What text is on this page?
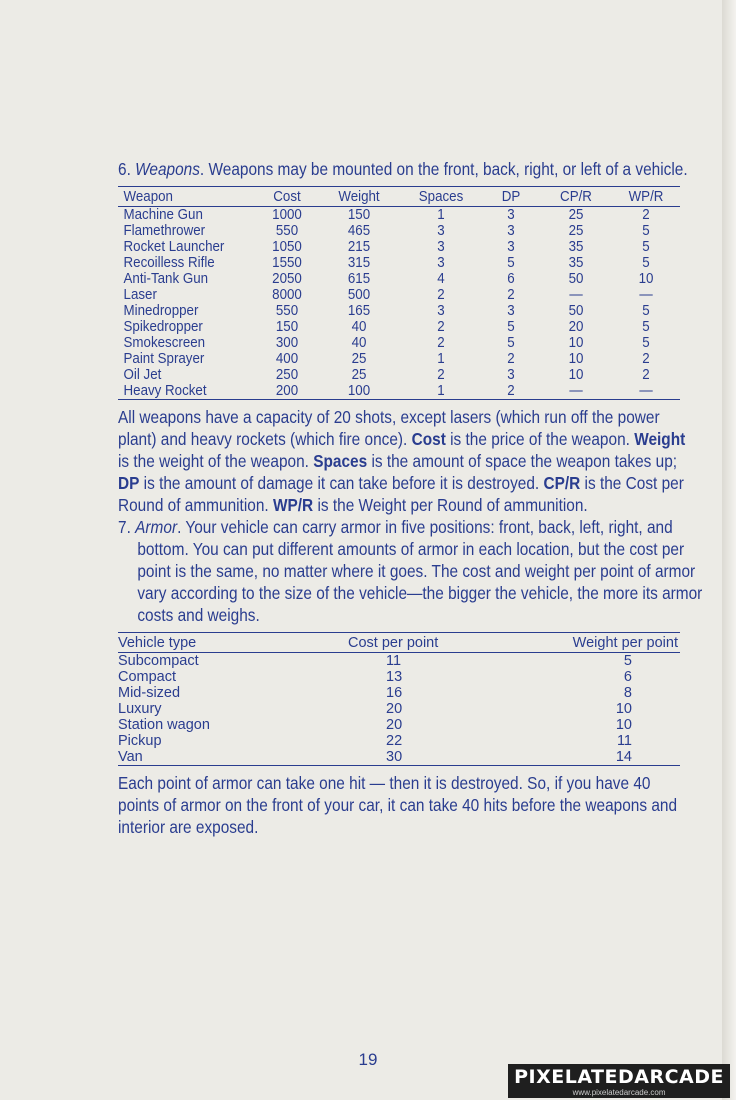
6. Weapons. Weapons may be mounted on the front, back, right, or left of a vehicle.

Weapon	Cost	Weight	Spaces	DP	CP/R	WP/R
Machine Gun	1000	150	1	3	25	2
Flamethrower	550	465	3	3	25	5
Rocket Launcher	1050	215	3	3	35	5
Recoilless Rifle	1550	315	3	5	35	5
Anti-Tank Gun	2050	615	4	6	50	10
Laser	8000	500	2	2	—	—
Minedropper	550	165	3	3	50	5
Spikedropper	150	40	2	5	20	5
Smokescreen	300	40	2	5	10	5
Paint Sprayer	400	25	1	2	10	2
Oil Jet	250	25	2	3	10	2
Heavy Rocket	200	100	1	2	—	—

All weapons have a capacity of 20 shots, except lasers (which run off the power plant) and heavy rockets (which fire once). Cost is the price of the weapon. Weight is the weight of the weapon. Spaces is the amount of space the weapon takes up; DP is the amount of damage it can take before it is destroyed. CP/R is the Cost per Round of ammunition. WP/R is the Weight per Round of ammunition.

7. Armor. Your vehicle can carry armor in five positions: front, back, left, right, and bottom. You can put different amounts of armor in each location, but the cost per point is the same, no matter where it goes. The cost and weight per point of armor vary according to the size of the vehicle—the bigger the vehicle, the more its armor costs and weighs.

Vehicle type	Cost per point	Weight per point
Subcompact	11	5
Compact	13	6
Mid-sized	16	8
Luxury	20	10
Station wagon	20	10
Pickup	22	11
Van	30	14

Each point of armor can take one hit — then it is destroyed. So, if you have 40 points of armor on the front of your car, it can take 40 hits before the weapons and interior are exposed.

19
PIXELATEDARCADE
www.pixelatedarcade.com
